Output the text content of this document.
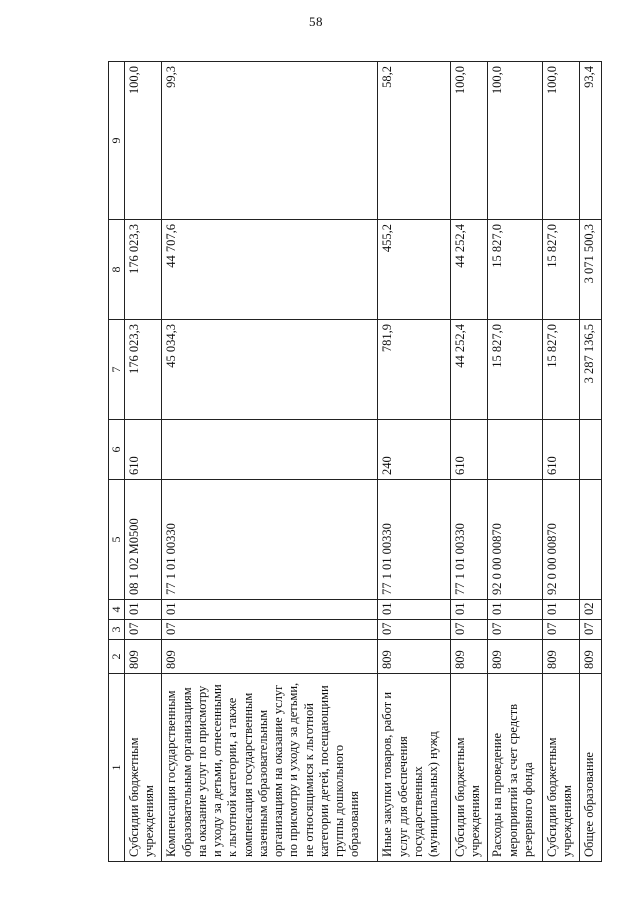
58
1	2	3	4	5	6	7	8	9
Субсидии бюджетным учреждениям	809	07	01	08 1 02 М0500	610	176 023,3	176 023,3	100,0
Компенсация государственным образовательным организациям на оказание услуг по присмотру и уходу за детьми, отнесенными к льготной категории, а также компенсация государственным казенным образовательным организациям на оказание услуг по присмотру и уходу за детьми, не относящимися к льготной категории детей, посещающими группы дошкольного образования	809	07	01	77 1 01 00330		45 034,3	44 707,6	99,3
Иные закупки товаров, работ и услуг для обеспечения государственных (муниципальных) нужд	809	07	01	77 1 01 00330	240	781,9	455,2	58,2
Субсидии бюджетным учреждениям	809	07	01	77 1 01 00330	610	44 252,4	44 252,4	100,0
Расходы на проведение мероприятий за счет средств резервного фонда	809	07	01	92 0 00 00870		15 827,0	15 827,0	100,0
Субсидии бюджетным учреждениям	809	07	01	92 0 00 00870	610	15 827,0	15 827,0	100,0
Общее образование	809	07	02			3 287 136,5	3 071 500,3	93,4
